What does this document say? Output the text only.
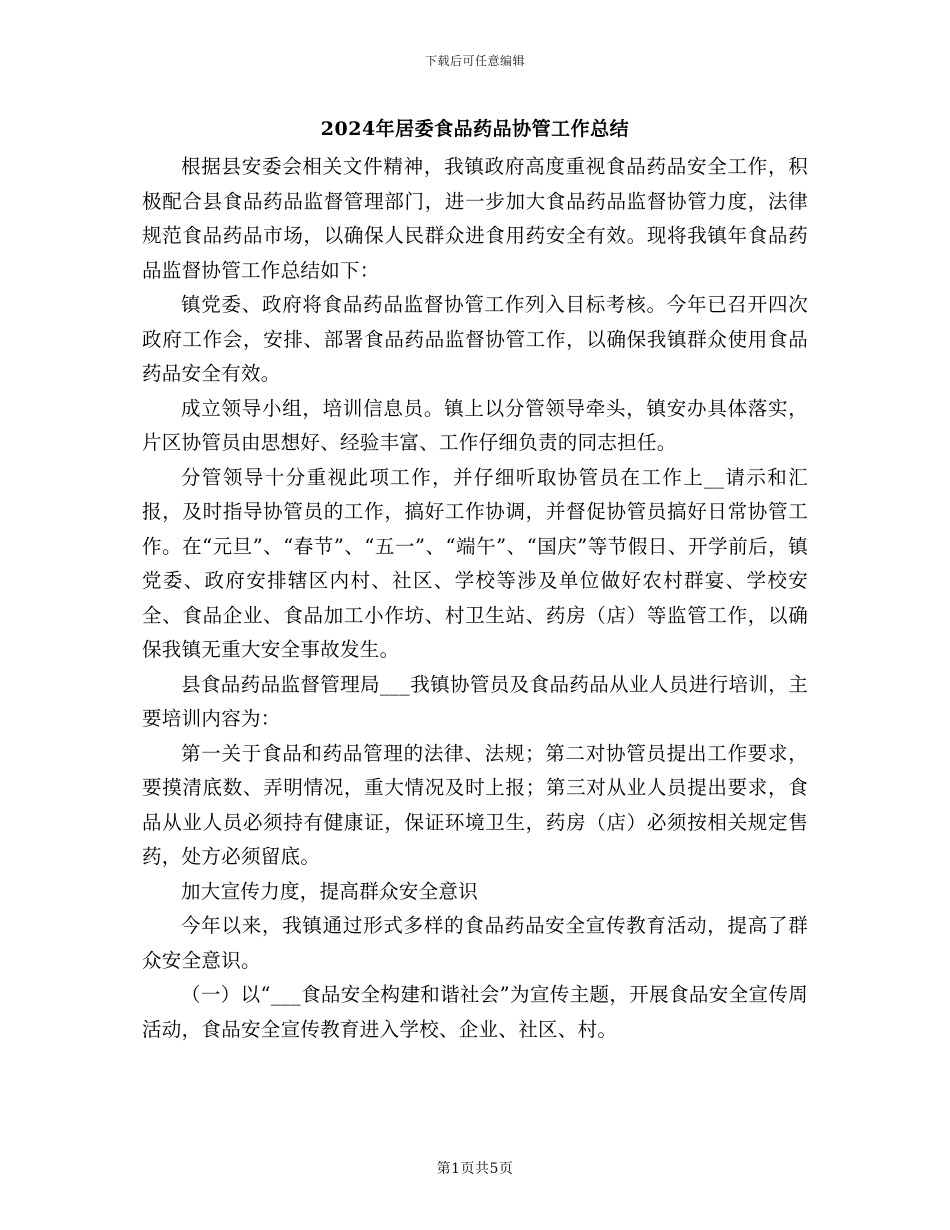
下载后可任意编辑
2024年居委食品药品协管工作总结

根据县安委会相关文件精神，我镇政府高度重视食品药品安全工作，积极配合县食品药品监督管理部门，进一步加大食品药品监督协管力度，法律规范食品药品市场，以确保人民群众进食用药安全有效。现将我镇年食品药品监督协管工作总结如下：

镇党委、政府将食品药品监督协管工作列入目标考核。今年已召开四次政府工作会，安排、部署食品药品监督协管工作，以确保我镇群众使用食品药品安全有效。

成立领导小组，培训信息员。镇上以分管领导牵头，镇安办具体落实，片区协管员由思想好、经验丰富、工作仔细负责的同志担任。

分管领导十分重视此项工作，并仔细听取协管员在工作上__请示和汇报，及时指导协管员的工作，搞好工作协调，并督促协管员搞好日常协管工作。在“元旦”、“春节”、“五一”、“端午”、“国庆”等节假日、开学前后，镇党委、政府安排辖区内村、社区、学校等涉及单位做好农村群宴、学校安全、食品企业、食品加工小作坊、村卫生站、药房（店）等监管工作，以确保我镇无重大安全事故发生。

县食品药品监督管理局___我镇协管员及食品药品从业人员进行培训，主要培训内容为：

第一关于食品和药品管理的法律、法规；第二对协管员提出工作要求，要摸清底数、弄明情况，重大情况及时上报；第三对从业人员提出要求，食品从业人员必须持有健康证，保证环境卫生，药房（店）必须按相关规定售药，处方必须留底。

加大宣传力度，提高群众安全意识

今年以来，我镇通过形式多样的食品药品安全宣传教育活动，提高了群众安全意识。

（一）以“___食品安全构建和谐社会”为宣传主题，开展食品安全宣传周活动，食品安全宣传教育进入学校、企业、社区、村。

第1页共5页
